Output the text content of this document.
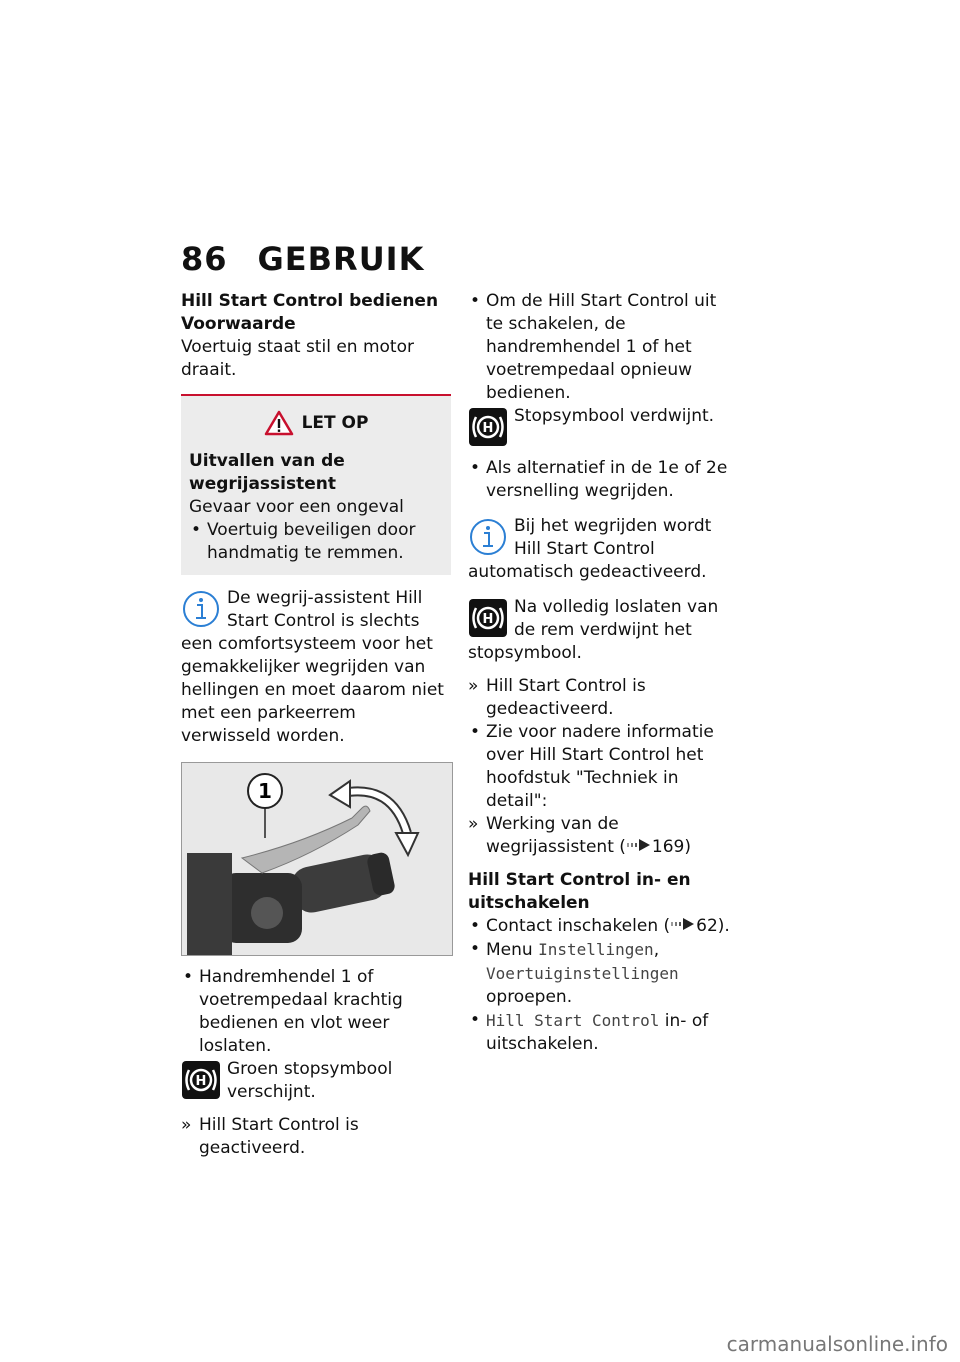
86 GEBRUIK

Hill Start Control bedienen

Voorwaarde

Voertuig staat stil en motor draait.

LET OP

Uitvallen van de wegrijassistent

Gevaar voor een ongeval

• Voertuig beveiligen door handmatig te remmen.

De wegrij-assistent Hill Start Control is slechts een comfortsysteem voor het gemakkelijker wegrijden van hellingen en moet daarom niet met een parkeerrem verwisseld worden.
1

• Handremhendel 1 of voetrempedaal krachtig bedienen en vlot weer loslaten.

H
Groen stopsymbool verschijnt.

» Hill Start Control is geactiveerd.

• Om de Hill Start Control uit te schakelen, de handremhendel 1 of het voetrempedaal opnieuw bedienen.

H
Stopsymbool verdwijnt.

• Als alternatief in de 1e of 2e versnelling wegrijden.

Bij het wegrijden wordt Hill Start Control automatisch gedeactiveerd.
H
Na volledig loslaten van de rem verdwijnt het stopsymbool.

» Hill Start Control is gedeactiveerd.

• Zie voor nadere informatie over Hill Start Control het hoofdstuk "Techniek in detail":

» Werking van de wegrijassistent ( 169)

Hill Start Control in- en uitschakelen

• Contact inschakelen ( 62).

• Menu Instellingen,
Voertuiginstellingen
oproepen.

• Hill Start Control in- of uitschakelen.

carmanualsonline.info
